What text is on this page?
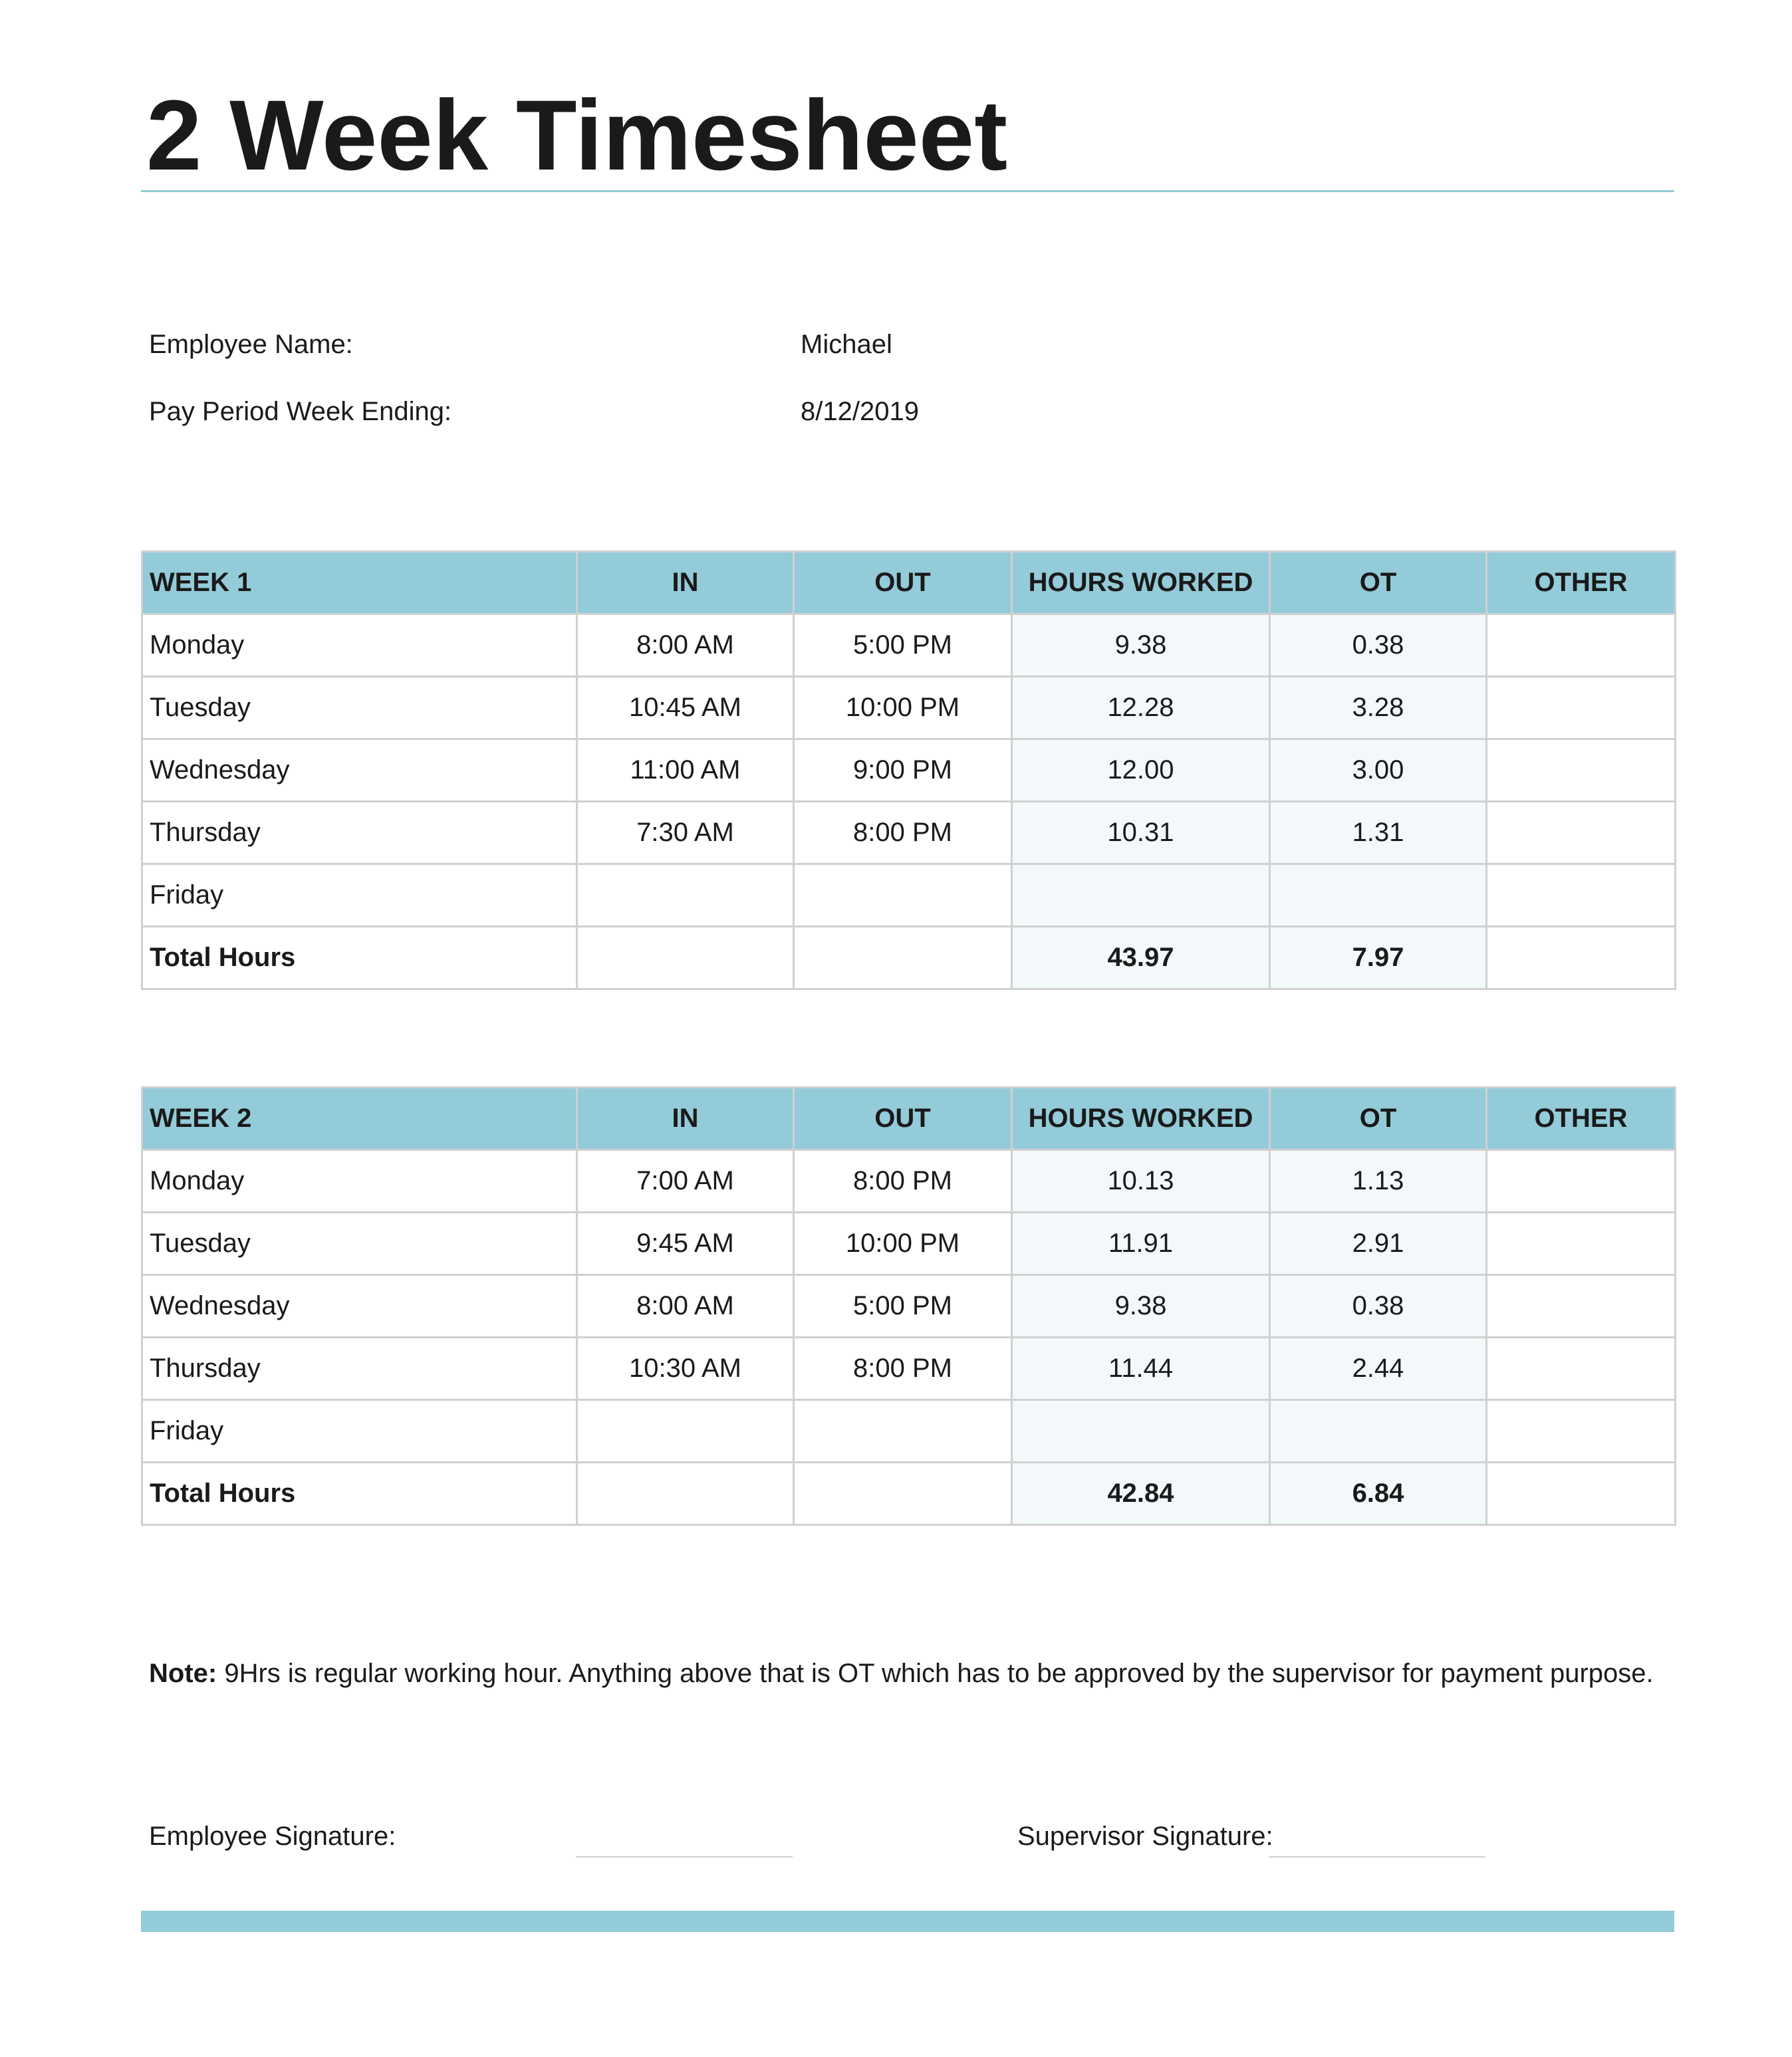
2 Week Timesheet
Employee Name:	Michael
Pay Period Week Ending:	8/12/2019
WEEK 1	IN	OUT	HOURS WORKED	OT	OTHER
Monday	8:00 AM	5:00 PM	9.38	0.38	
Tuesday	10:45 AM	10:00 PM	12.28	3.28	
Wednesday	11:00 AM	9:00 PM	12.00	3.00	
Thursday	7:30 AM	8:00 PM	10.31	1.31	
Friday					
Total Hours			43.97	7.97	
WEEK 2	IN	OUT	HOURS WORKED	OT	OTHER
Monday	7:00 AM	8:00 PM	10.13	1.13	
Tuesday	9:45 AM	10:00 PM	11.91	2.91	
Wednesday	8:00 AM	5:00 PM	9.38	0.38	
Thursday	10:30 AM	8:00 PM	11.44	2.44	
Friday					
Total Hours			42.84	6.84	
Note: 9Hrs is regular working hour. Anything above that is OT which has to be approved by the supervisor for payment purpose.
Employee Signature:	Supervisor Signature:
